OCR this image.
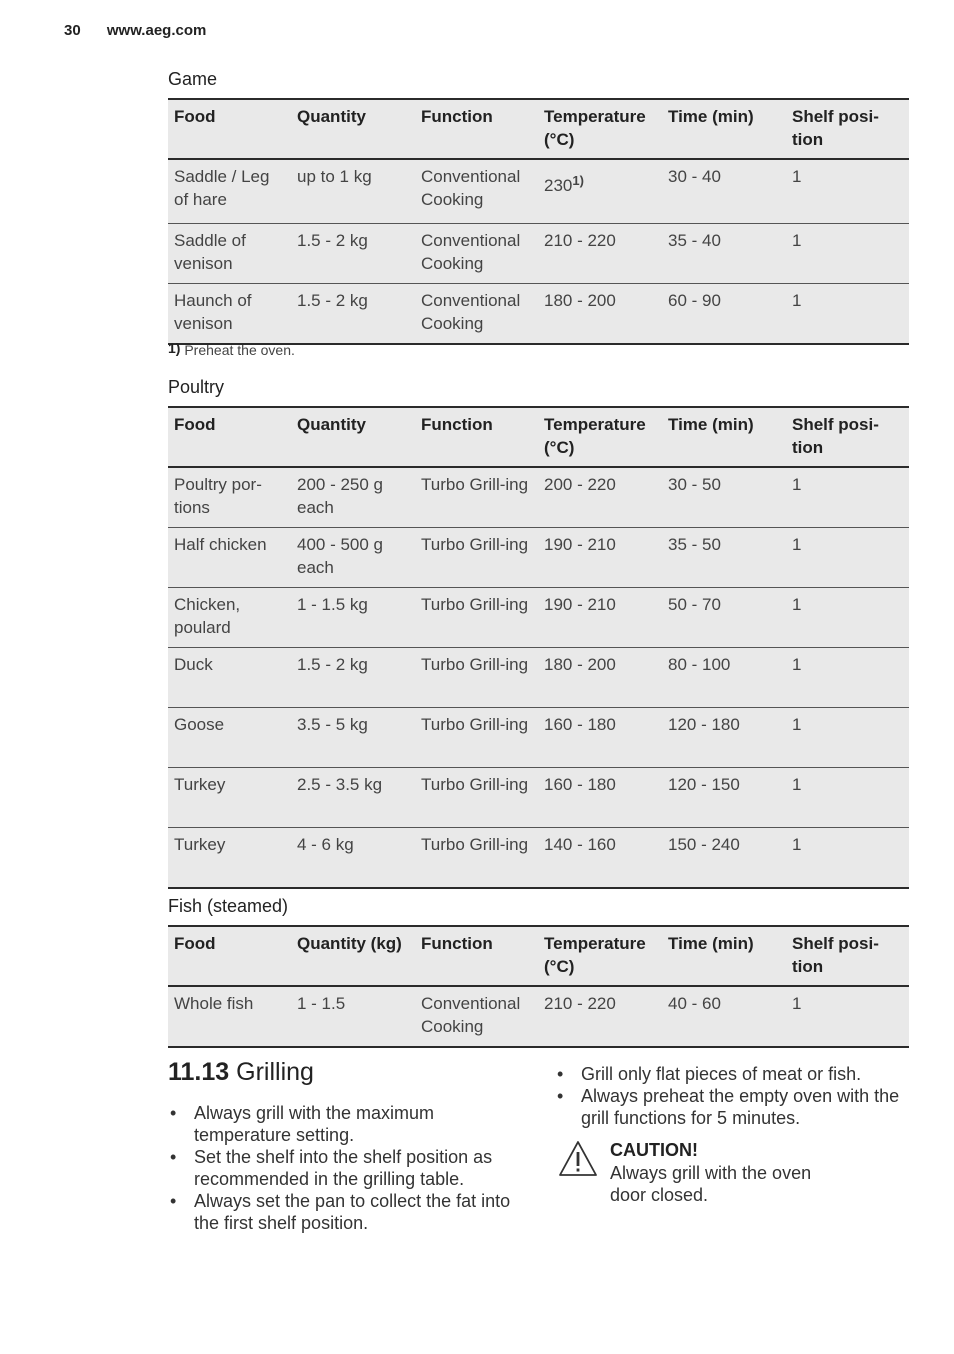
30 www.aeg.com
Game
Food	Quantity	Function	Temperature (°C)	Time (min)	Shelf posi-tion
Saddle / Leg of hare	up to 1 kg	Conventional Cooking	230$^{1)}$	30 - 40	1
Saddle of venison	1.5 - 2 kg	Conventional Cooking	210 - 220	35 - 40	1
Haunch of venison	1.5 - 2 kg	Conventional Cooking	180 - 200	60 - 90	1
1) Preheat the oven.
Poultry
Food	Quantity	Function	Temperature (°C)	Time (min)	Shelf posi-tion
Poultry por-tions	200 - 250 g each	Turbo Grill-ing	200 - 220	30 - 50	1
Half chicken	400 - 500 g each	Turbo Grill-ing	190 - 210	35 - 50	1
Chicken, poulard	1 - 1.5 kg	Turbo Grill-ing	190 - 210	50 - 70	1
Duck	1.5 - 2 kg	Turbo Grill-ing	180 - 200	80 - 100	1
Goose	3.5 - 5 kg	Turbo Grill-ing	160 - 180	120 - 180	1
Turkey	2.5 - 3.5 kg	Turbo Grill-ing	160 - 180	120 - 150	1
Turkey	4 - 6 kg	Turbo Grill-ing	140 - 160	150 - 240	1
Fish (steamed)
Food	Quantity (kg)	Function	Temperature (°C)	Time (min)	Shelf posi-tion
Whole fish	1 - 1.5	Conventional Cooking	210 - 220	40 - 60	1
11.13 Grilling
• Always grill with the maximum temperature setting.
• Set the shelf into the shelf position as recommended in the grilling table.
• Always set the pan to collect the fat into the first shelf position.
• Grill only flat pieces of meat or fish.
• Always preheat the empty oven with the grill functions for 5 minutes.
CAUTION!
Always grill with the oven door closed.
